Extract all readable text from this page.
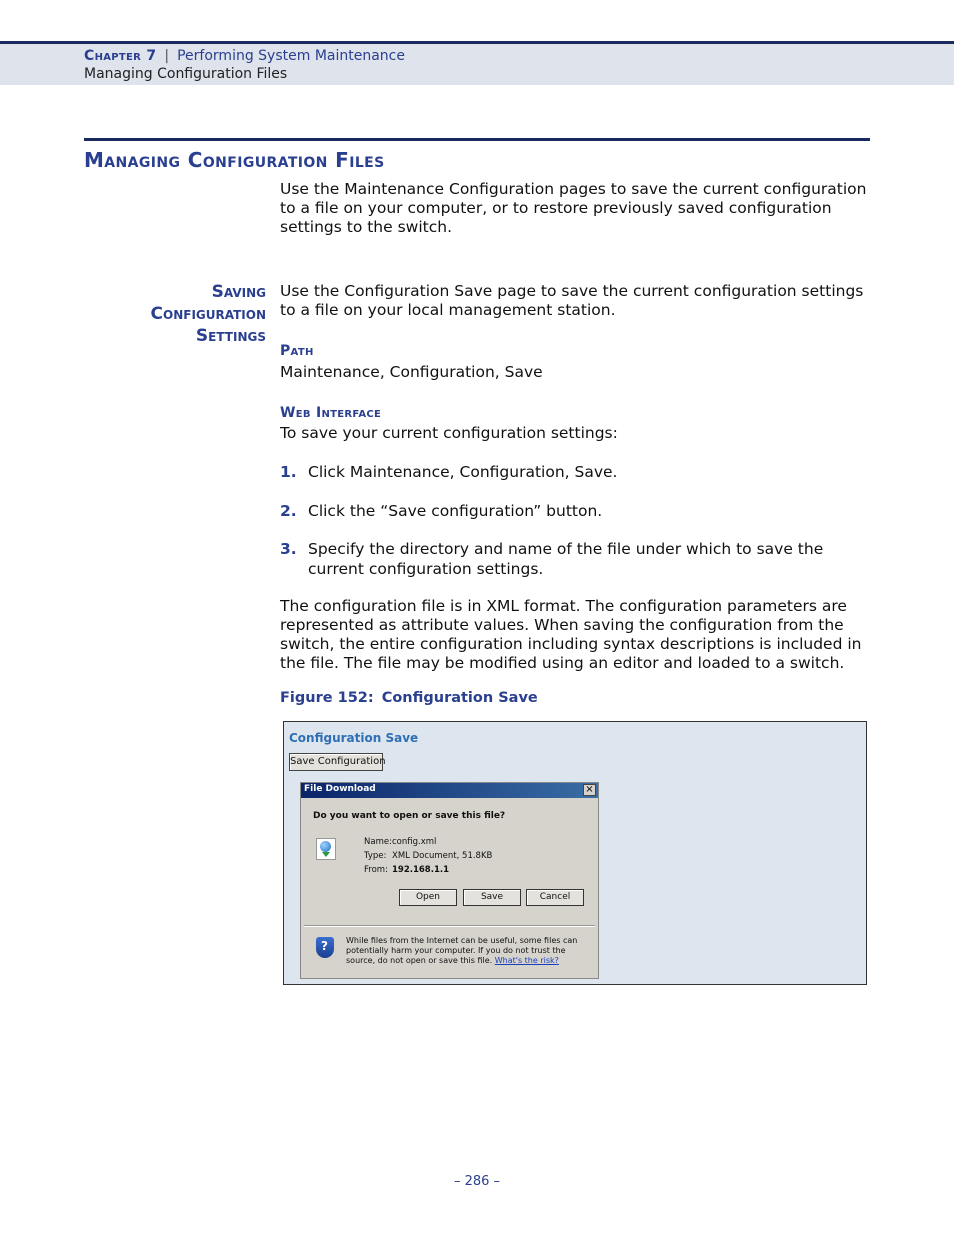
Chapter 7 | Performing System Maintenance
Managing Configuration Files
Managing Configuration Files
Use the Maintenance Configuration pages to save the current configuration to a file on your computer, or to restore previously saved configuration settings to the switch.
Saving
Configuration
Settings
Use the Configuration Save page to save the current configuration settings to a file on your local management station.
Path
Maintenance, Configuration, Save
Web Interface
To save your current configuration settings:
1. Click Maintenance, Configuration, Save.
2. Click the “Save configuration” button.
3. Specify the directory and name of the file under which to save the current configuration settings.
The configuration file is in XML format. The configuration parameters are represented as attribute values. When saving the configuration from the switch, the entire configuration including syntax descriptions is included in the file. The file may be modified using an editor and loaded to a switch.
Figure 152: Configuration Save
Configuration Save
Save Configuration
File Download	×
Do you want to open or save this file?
Name: config.xml
Type: XML Document, 51.8KB
From: 192.168.1.1
Open	Save	Cancel
? While files from the Internet can be useful, some files can potentially harm your computer. If you do not trust the source, do not open or save this file. What's the risk?
– 286 –
